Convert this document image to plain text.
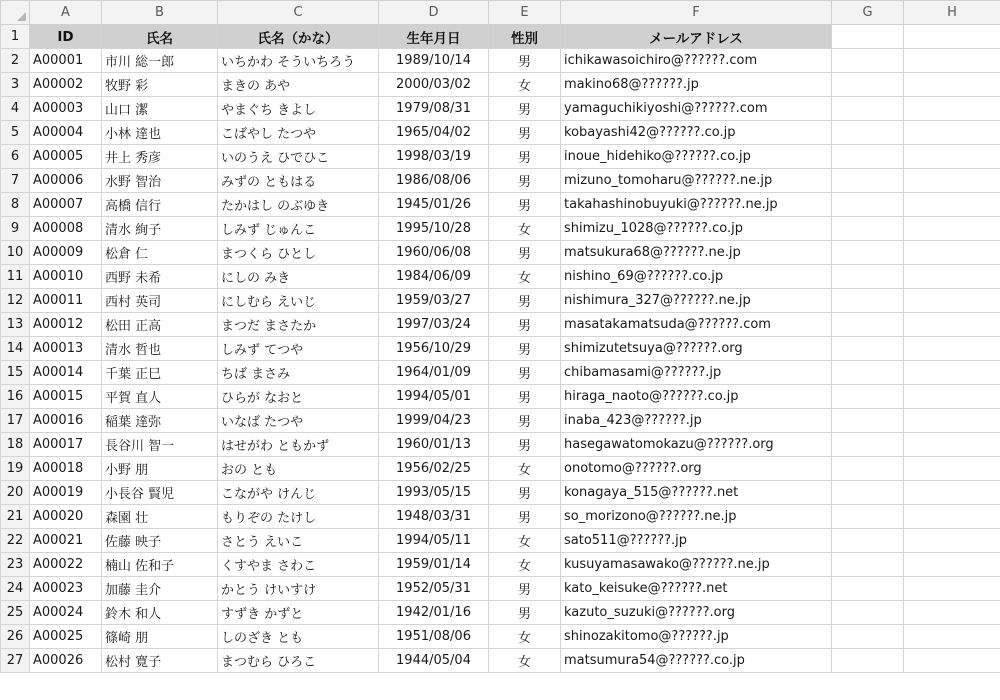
	A	B	C	D	E	F	G	H
1	ID	氏名	氏名（かな）	生年月日	性別	メールアドレス		
2	A00001	市川 総一郎	いちかわ そういちろう	1989/10/14	男	ichikawasoichiro@??????.com		
3	A00002	牧野 彩	まきの あや	2000/03/02	女	makino68@??????.jp		
4	A00003	山口 潔	やまぐち きよし	1979/08/31	男	yamaguchikiyoshi@??????.com		
5	A00004	小林 達也	こばやし たつや	1965/04/02	男	kobayashi42@??????.co.jp		
6	A00005	井上 秀彦	いのうえ ひでひこ	1998/03/19	男	inoue_hidehiko@??????.co.jp		
7	A00006	水野 智治	みずの ともはる	1986/08/06	男	mizuno_tomoharu@??????.ne.jp		
8	A00007	高橋 信行	たかはし のぶゆき	1945/01/26	男	takahashinobuyuki@??????.ne.jp		
9	A00008	清水 絢子	しみず じゅんこ	1995/10/28	女	shimizu_1028@??????.co.jp		
10	A00009	松倉 仁	まつくら ひとし	1960/06/08	男	matsukura68@??????.ne.jp		
11	A00010	西野 未希	にしの みき	1984/06/09	女	nishino_69@??????.co.jp		
12	A00011	西村 英司	にしむら えいじ	1959/03/27	男	nishimura_327@??????.ne.jp		
13	A00012	松田 正高	まつだ まさたか	1997/03/24	男	masatakamatsuda@??????.com		
14	A00013	清水 哲也	しみず てつや	1956/10/29	男	shimizutetsuya@??????.org		
15	A00014	千葉 正巳	ちば まさみ	1964/01/09	男	chibamasami@??????.jp		
16	A00015	平賀 直人	ひらが なおと	1994/05/01	男	hiraga_naoto@??????.co.jp		
17	A00016	稲葉 達弥	いなば たつや	1999/04/23	男	inaba_423@??????.jp		
18	A00017	長谷川 智一	はせがわ ともかず	1960/01/13	男	hasegawatomokazu@??????.org		
19	A00018	小野 朋	おの とも	1956/02/25	女	onotomo@??????.org		
20	A00019	小長谷 賢児	こながや けんじ	1993/05/15	男	konagaya_515@??????.net		
21	A00020	森園 壮	もりぞの たけし	1948/03/31	男	so_morizono@??????.ne.jp		
22	A00021	佐藤 映子	さとう えいこ	1994/05/11	女	sato511@??????.jp		
23	A00022	楠山 佐和子	くすやま さわこ	1959/01/14	女	kusuyamasawako@??????.ne.jp		
24	A00023	加藤 圭介	かとう けいすけ	1952/05/31	男	kato_keisuke@??????.net		
25	A00024	鈴木 和人	すずき かずと	1942/01/16	男	kazuto_suzuki@??????.org		
26	A00025	篠崎 朋	しのざき とも	1951/08/06	女	shinozakitomo@??????.jp		
27	A00026	松村 寛子	まつむら ひろこ	1944/05/04	女	matsumura54@??????.co.jp		
